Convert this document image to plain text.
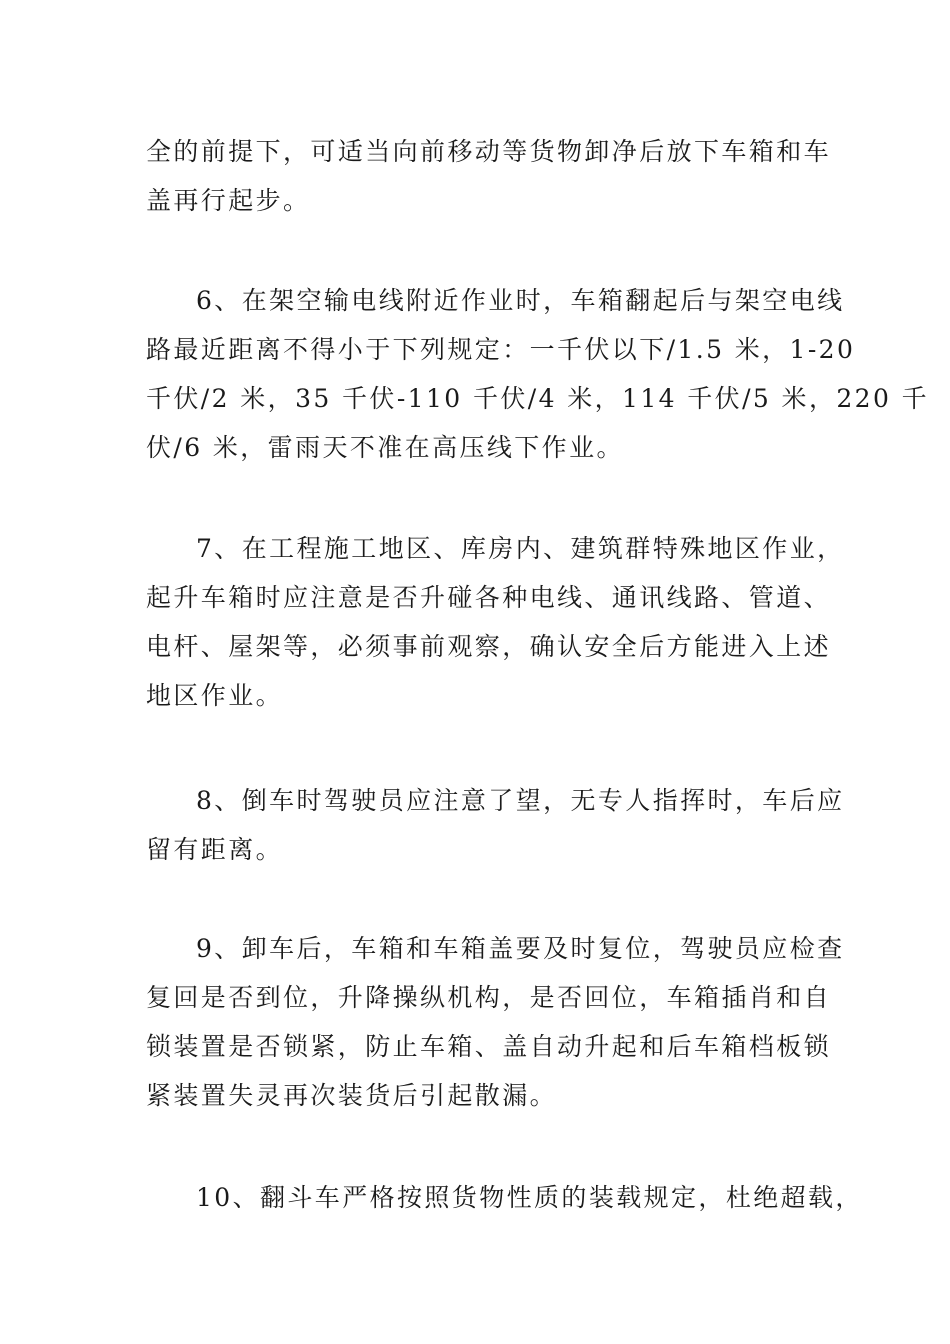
全的前提下，可适当向前移动等货物卸净后放下车箱和车
盖再行起步。
6、在架空输电线附近作业时，车箱翻起后与架空电线
路最近距离不得小于下列规定：一千伏以下/1.5 米，1-20
千伏/2 米，35 千伏-110 千伏/4 米，114 千伏/5 米，220 千
伏/6 米，雷雨天不准在高压线下作业。
7、在工程施工地区、库房内、建筑群特殊地区作业，
起升车箱时应注意是否升碰各种电线、通讯线路、管道、
电杆、屋架等，必须事前观察，确认安全后方能进入上述
地区作业。
8、倒车时驾驶员应注意了望，无专人指挥时，车后应
留有距离。
9、卸车后，车箱和车箱盖要及时复位，驾驶员应检查
复回是否到位，升降操纵机构，是否回位，车箱插肖和自
锁装置是否锁紧，防止车箱、盖自动升起和后车箱档板锁
紧装置失灵再次装货后引起散漏。
10、翻斗车严格按照货物性质的装载规定，杜绝超载，
